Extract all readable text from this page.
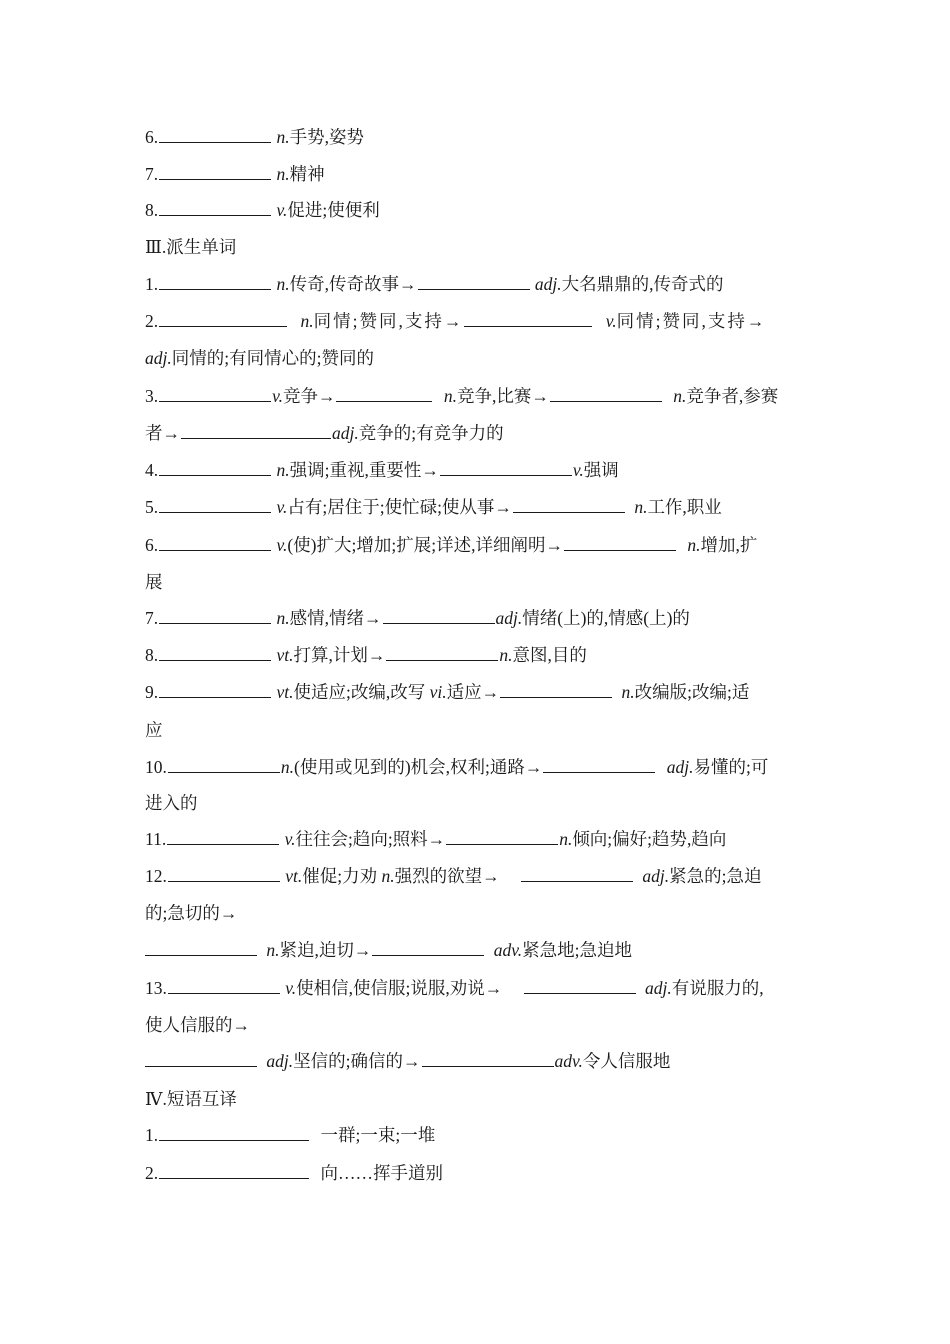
6.	n.手势,姿势
7.	n.精神
8.	v.促进;使便利
Ⅲ.派生单词
1.	n.传奇,传奇故事→	adj.大名鼎鼎的,传奇式的
2.	n.同情;赞同,支持→	v.同情;赞同,支持→
adj.同情的;有同情心的;赞同的
3.	v.竞争→	n.竞争,比赛→	n.竞争者,参赛
者→	adj.竞争的;有竞争力的
4.	n.强调;重视,重要性→	v.强调
5.	v.占有;居住于;使忙碌;使从事→	n.工作,职业
6.	v.(使)扩大;增加;扩展;详述,详细阐明→	n.增加,扩
展
7.	n.感情,情绪→	adj.情绪(上)的,情感(上)的
8.	vt.打算,计划→	n.意图,目的
9.	vt.使适应;改编,改写 vi.适应→	n.改编版;改编;适
应
10.	n.(使用或见到的)机会,权利;通路→	adj.易懂的;可
进入的
11.	v.往往会;趋向;照料→	n.倾向;偏好;趋势,趋向
12.	vt.催促;力劝 n.强烈的欲望→	adj.紧急的;急迫
的;急切的→
n.紧迫,迫切→	adv.紧急地;急迫地
13.	v.使相信,使信服;说服,劝说→	adj.有说服力的,
使人信服的→
adj.坚信的;确信的→	adv.令人信服地
Ⅳ.短语互译
1.	一群;一束;一堆
2.	向……挥手道别
